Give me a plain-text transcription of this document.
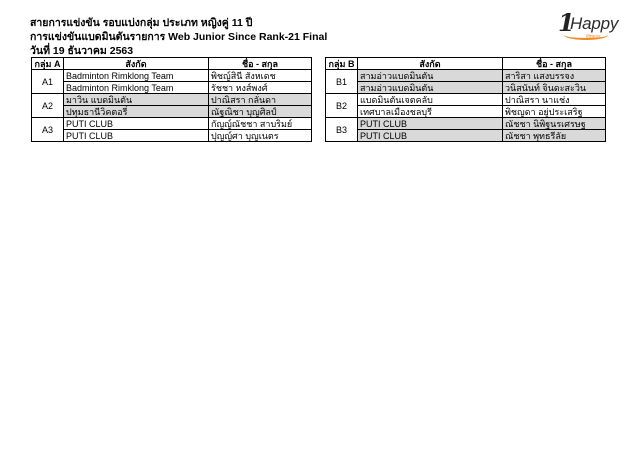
สายการแข่งขัน รอบแบ่งกลุ่ม ประเภท หญิงคู่ 11 ปี
การแข่งขันแบดมินตันรายการ Web Junior Since Rank-21 Final
วันที่ 19 ธันวาคม 2563
1
Happy
fitness
กลุ่ม A	สังกัด	ชื่อ - สกุล
A1	Badminton Rimklong Team	พิชญ์สินี สังหเดช
	Badminton Rimklong Team	รัชชา หงส์พงศ์
A2	มาวิน แบดมินตัน	ปาณิสรา กลั่นดา
	ปทุมธานีวิคตอรี่	ณัฐณิชา บุญศิลป์
A3	PUTI CLUB	กัญญ์ณัชชา สาบริมย์
	PUTI CLUB	ปุญญ์ศา บุญเนตร
กลุ่ม B	สังกัด	ชื่อ - สกุล
B1	สามอ่าวแบดมินตัน	สาริสา แสงบรรจง
	สามอ่าวแบดมินตัน	วนิสนันท์ จินดะสะวิน
B2	แบดมินตันเจตคลับ	ปาณิสรา นาแช่ง
	เทศบาลเมืองชลบุรี	พิชญดา อยู่ประเสริฐ
B3	PUTI CLUB	ณัชชา นิพิฐนรเศรษฐ
	PUTI CLUB	ณัชชา พุทธรีลัย
